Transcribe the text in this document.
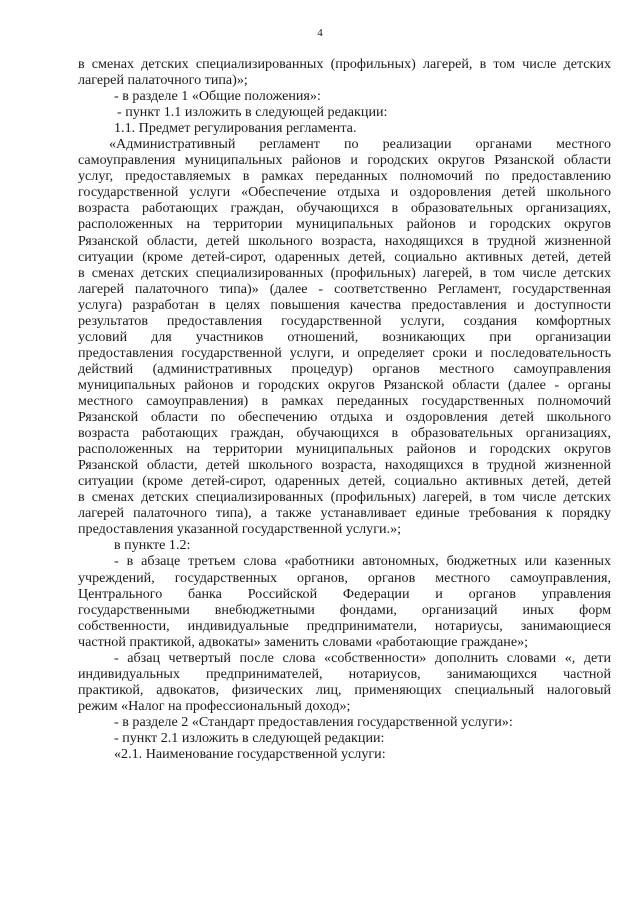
4
в сменах детских специализированных (профильных) лагерей, в том числе детских
лагерей палаточного типа)»;
- в разделе 1 «Общие положения»:
- пункт 1.1 изложить в следующей редакции:
1.1. Предмет регулирования регламента.
«Административный регламент по реализации органами местного
самоуправления муниципальных районов и городских округов Рязанской области
услуг, предоставляемых в рамках переданных полномочий по предоставлению
государственной услуги «Обеспечение отдыха и оздоровления детей школьного
возраста работающих граждан, обучающихся в образовательных организациях,
расположенных на территории муниципальных районов и городских округов
Рязанской области, детей школьного возраста, находящихся в трудной жизненной
ситуации (кроме детей-сирот, одаренных детей, социально активных детей, детей
в сменах детских специализированных (профильных) лагерей, в том числе детских
лагерей палаточного типа)» (далее - соответственно Регламент, государственная
услуга) разработан в целях повышения качества предоставления и доступности
результатов предоставления государственной услуги, создания комфортных
условий для участников отношений, возникающих при организации
предоставления государственной услуги, и определяет сроки и последовательность
действий (административных процедур) органов местного самоуправления
муниципальных районов и городских округов Рязанской области (далее - органы
местного самоуправления) в рамках переданных государственных полномочий
Рязанской области по обеспечению отдыха и оздоровления детей школьного
возраста работающих граждан, обучающихся в образовательных организациях,
расположенных на территории муниципальных районов и городских округов
Рязанской области, детей школьного возраста, находящихся в трудной жизненной
ситуации (кроме детей-сирот, одаренных детей, социально активных детей, детей
в сменах детских специализированных (профильных) лагерей, в том числе детских
лагерей палаточного типа), а также устанавливает единые требования к порядку
предоставления указанной государственной услуги.»;
в пункте 1.2:
- в абзаце третьем слова «работники автономных, бюджетных или казенных
учреждений, государственных органов, органов местного самоуправления,
Центрального банка Российской Федерации и органов управления
государственными внебюджетными фондами, организаций иных форм
собственности, индивидуальные предприниматели, нотариусы, занимающиеся
частной практикой, адвокаты» заменить словами «работающие граждане»;
- абзац четвертый после слова «собственности» дополнить словами «, дети
индивидуальных предпринимателей, нотариусов, занимающихся частной
практикой, адвокатов, физических лиц, применяющих специальный налоговый
режим «Налог на профессиональный доход»;
- в разделе 2 «Стандарт предоставления государственной услуги»:
- пункт 2.1 изложить в следующей редакции:
«2.1. Наименование государственной услуги:
